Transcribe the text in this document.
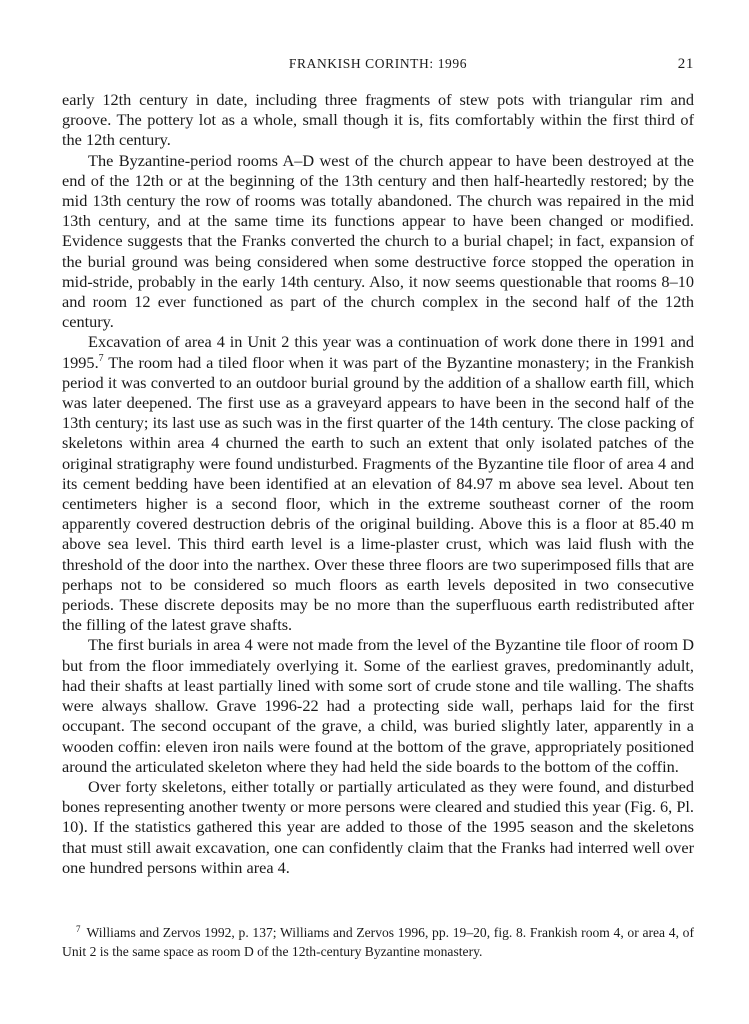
FRANKISH CORINTH: 1996	21

early 12th century in date, including three fragments of stew pots with triangular rim and groove. The pottery lot as a whole, small though it is, fits comfortably within the first third of the 12th century.

The Byzantine-period rooms A–D west of the church appear to have been destroyed at the end of the 12th or at the beginning of the 13th century and then half-heartedly restored; by the mid 13th century the row of rooms was totally abandoned. The church was repaired in the mid 13th century, and at the same time its functions appear to have been changed or modified. Evidence suggests that the Franks converted the church to a burial chapel; in fact, expansion of the burial ground was being considered when some destructive force stopped the operation in mid-stride, probably in the early 14th century. Also, it now seems questionable that rooms 8–10 and room 12 ever functioned as part of the church complex in the second half of the 12th century.

Excavation of area 4 in Unit 2 this year was a continuation of work done there in 1991 and 1995.$^7$ The room had a tiled floor when it was part of the Byzantine monastery; in the Frankish period it was converted to an outdoor burial ground by the addition of a shallow earth fill, which was later deepened. The first use as a graveyard appears to have been in the second half of the 13th century; its last use as such was in the first quarter of the 14th century. The close packing of skeletons within area 4 churned the earth to such an extent that only isolated patches of the original stratigraphy were found undisturbed. Fragments of the Byzantine tile floor of area 4 and its cement bedding have been identified at an elevation of 84.97 m above sea level. About ten centimeters higher is a second floor, which in the extreme southeast corner of the room apparently covered destruction debris of the original building. Above this is a floor at 85.40 m above sea level. This third earth level is a lime-plaster crust, which was laid flush with the threshold of the door into the narthex. Over these three floors are two superimposed fills that are perhaps not to be considered so much floors as earth levels deposited in two consecutive periods. These discrete deposits may be no more than the superfluous earth redistributed after the filling of the latest grave shafts.

The first burials in area 4 were not made from the level of the Byzantine tile floor of room D but from the floor immediately overlying it. Some of the earliest graves, predominantly adult, had their shafts at least partially lined with some sort of crude stone and tile walling. The shafts were always shallow. Grave 1996-22 had a protecting side wall, perhaps laid for the first occupant. The second occupant of the grave, a child, was buried slightly later, apparently in a wooden coffin: eleven iron nails were found at the bottom of the grave, appropriately positioned around the articulated skeleton where they had held the side boards to the bottom of the coffin.

Over forty skeletons, either totally or partially articulated as they were found, and disturbed bones representing another twenty or more persons were cleared and studied this year (Fig. 6, Pl. 10). If the statistics gathered this year are added to those of the 1995 season and the skeletons that must still await excavation, one can confidently claim that the Franks had interred well over one hundred persons within area 4.

$^7$ Williams and Zervos 1992, p. 137; Williams and Zervos 1996, pp. 19–20, fig. 8. Frankish room 4, or area 4, of Unit 2 is the same space as room D of the 12th-century Byzantine monastery.
